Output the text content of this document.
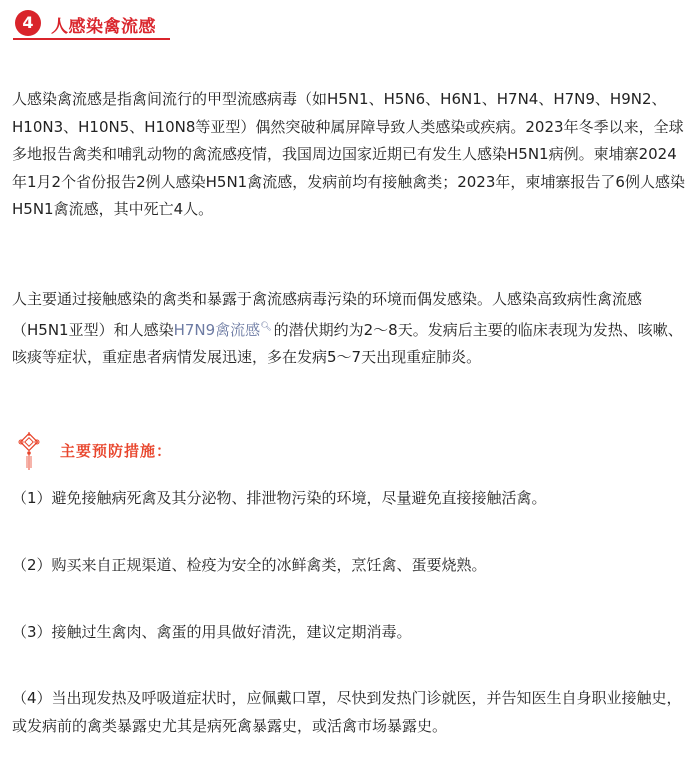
4	人感染禽流感

人感染禽流感是指禽间流行的甲型流感病毒（如H5N1、H5N6、H6N1、H7N4、H7N9、H9N2、H10N3、H10N5、H10N8等亚型）偶然突破种属屏障导致人类感染或疾病。2023年冬季以来，全球多地报告禽类和哺乳动物的禽流感疫情，我国周边国家近期已有发生人感染H5N1病例。柬埔寨2024年1月2个省份报告2例人感染H5N1禽流感，发病前均有接触禽类；2023年，柬埔寨报告了6例人感染H5N1禽流感，其中死亡4人。

人主要通过接触感染的禽类和暴露于禽流感病毒污染的环境而偶发感染。人感染高致病性禽流感（H5N1亚型）和人感染H7N9禽流感🔍︎ 的潜伏期约为2～8天。发病后主要的临床表现为发热、咳嗽、咳痰等症状，重症患者病情发展迅速，多在发病5～7天出现重症肺炎。

主要预防措施：

（1）避免接触病死禽及其分泌物、排泄物污染的环境，尽量避免直接接触活禽。

（2）购买来自正规渠道、检疫为安全的冰鲜禽类，烹饪禽、蛋要烧熟。

（3）接触过生禽肉、禽蛋的用具做好清洗，建议定期消毒。

（4）当出现发热及呼吸道症状时，应佩戴口罩，尽快到发热门诊就医，并告知医生自身职业接触史，或发病前的禽类暴露史尤其是病死禽暴露史，或活禽市场暴露史。
